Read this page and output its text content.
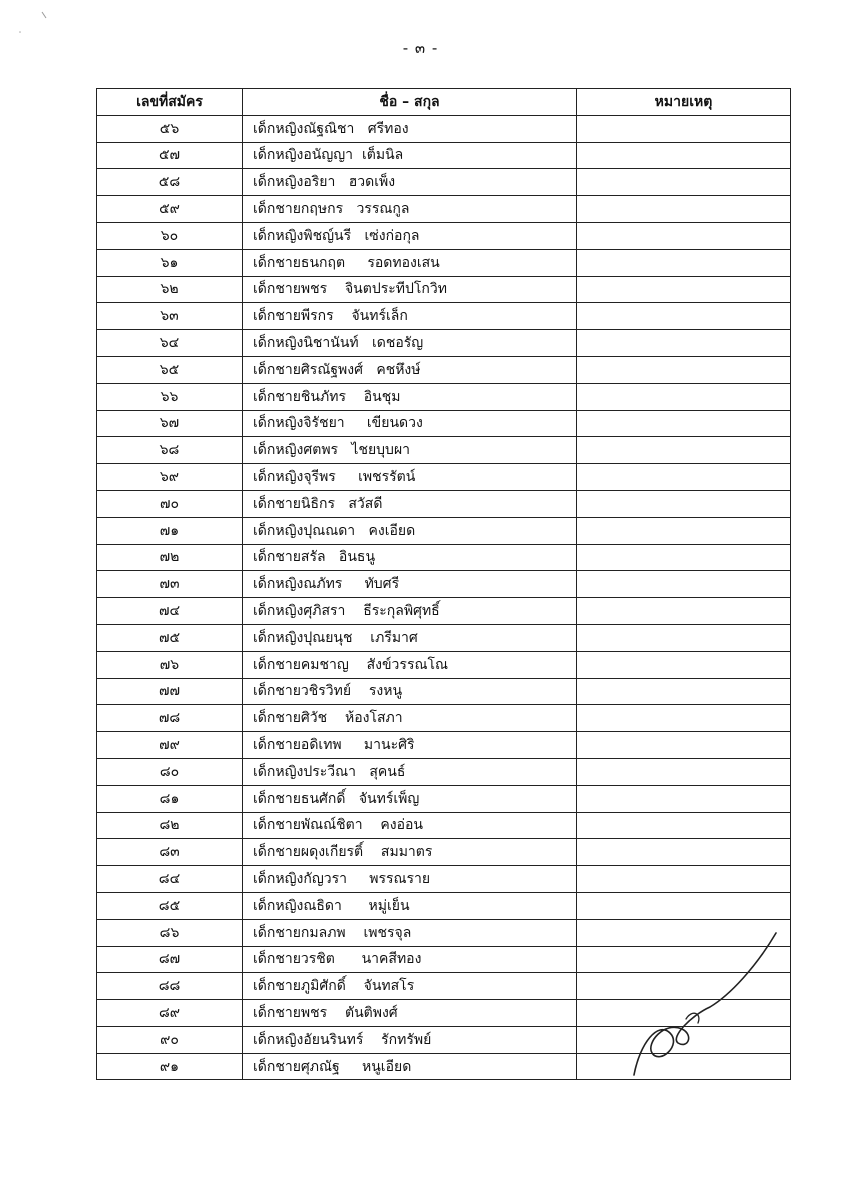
- ๓ -
เลขที่สมัคร	ชื่อ – สกุล	หมายเหตุ
๕๖	เด็กหญิงณัฐณิชา   ศรีทอง	
๕๗	เด็กหญิงอนัญญา  เต็มนิล	
๕๘	เด็กหญิงอริยา   ฮวดเพ็ง	
๕๙	เด็กชายกฤษกร   วรรณกูล	
๖๐	เด็กหญิงพิชญ์นรี   เซ่งก่อกุล	
๖๑	เด็กชายธนกฤต     รอดทองเสน	
๖๒	เด็กชายพชร    จินตประทีปโกวิท	
๖๓	เด็กชายพีรกร    จันทร์เล็ก	
๖๔	เด็กหญิงนิชานันท์   เดชอรัญ	
๖๕	เด็กชายศิรณัฐพงศ์   คชหึงษ์	
๖๖	เด็กชายชินภัทร    อินชุม	
๖๗	เด็กหญิงจิรัชยา     เขียนดวง	
๖๘	เด็กหญิงศตพร   ไชยบุบผา	
๖๙	เด็กหญิงจุรีพร     เพชรรัตน์	
๗๐	เด็กชายนิธิกร   สวัสดี	
๗๑	เด็กหญิงปุณณดา   คงเอียด	
๗๒	เด็กชายสรัล   อินธนู	
๗๓	เด็กหญิงณภัทร     ทับศรี	
๗๔	เด็กหญิงศุภิสรา    ธีระกุลพิศุทธิ์	
๗๕	เด็กหญิงปุณยนุช    เภรีมาศ	
๗๖	เด็กชายคมชาญ    สังข์วรรณโณ	
๗๗	เด็กชายวชิรวิทย์    รงหนู	
๗๘	เด็กชายศิวัช    ห้องโสภา	
๗๙	เด็กชายอดิเทพ     มานะศิริ	
๘๐	เด็กหญิงประวีณา   สุคนธ์	
๘๑	เด็กชายธนศักดิ์   จันทร์เพ็ญ	
๘๒	เด็กชายพัณณ์ชิตา    คงอ่อน	
๘๓	เด็กชายผดุงเกียรติ์    สมมาตร	
๘๔	เด็กหญิงกัญวรา     พรรณราย	
๘๕	เด็กหญิงณธิดา      หมู่เย็น	
๘๖	เด็กชายกมลภพ    เพชรจุล	
๘๗	เด็กชายวรชิต      นาคสีทอง	
๘๘	เด็กชายภูมิศักดิ์    จันทสโร	
๘๙	เด็กชายพชร    ตันติพงศ์	
๙๐	เด็กหญิงอัยนรินทร์    รักทรัพย์	
๙๑	เด็กชายศุภณัฐ     หนูเอียด	
